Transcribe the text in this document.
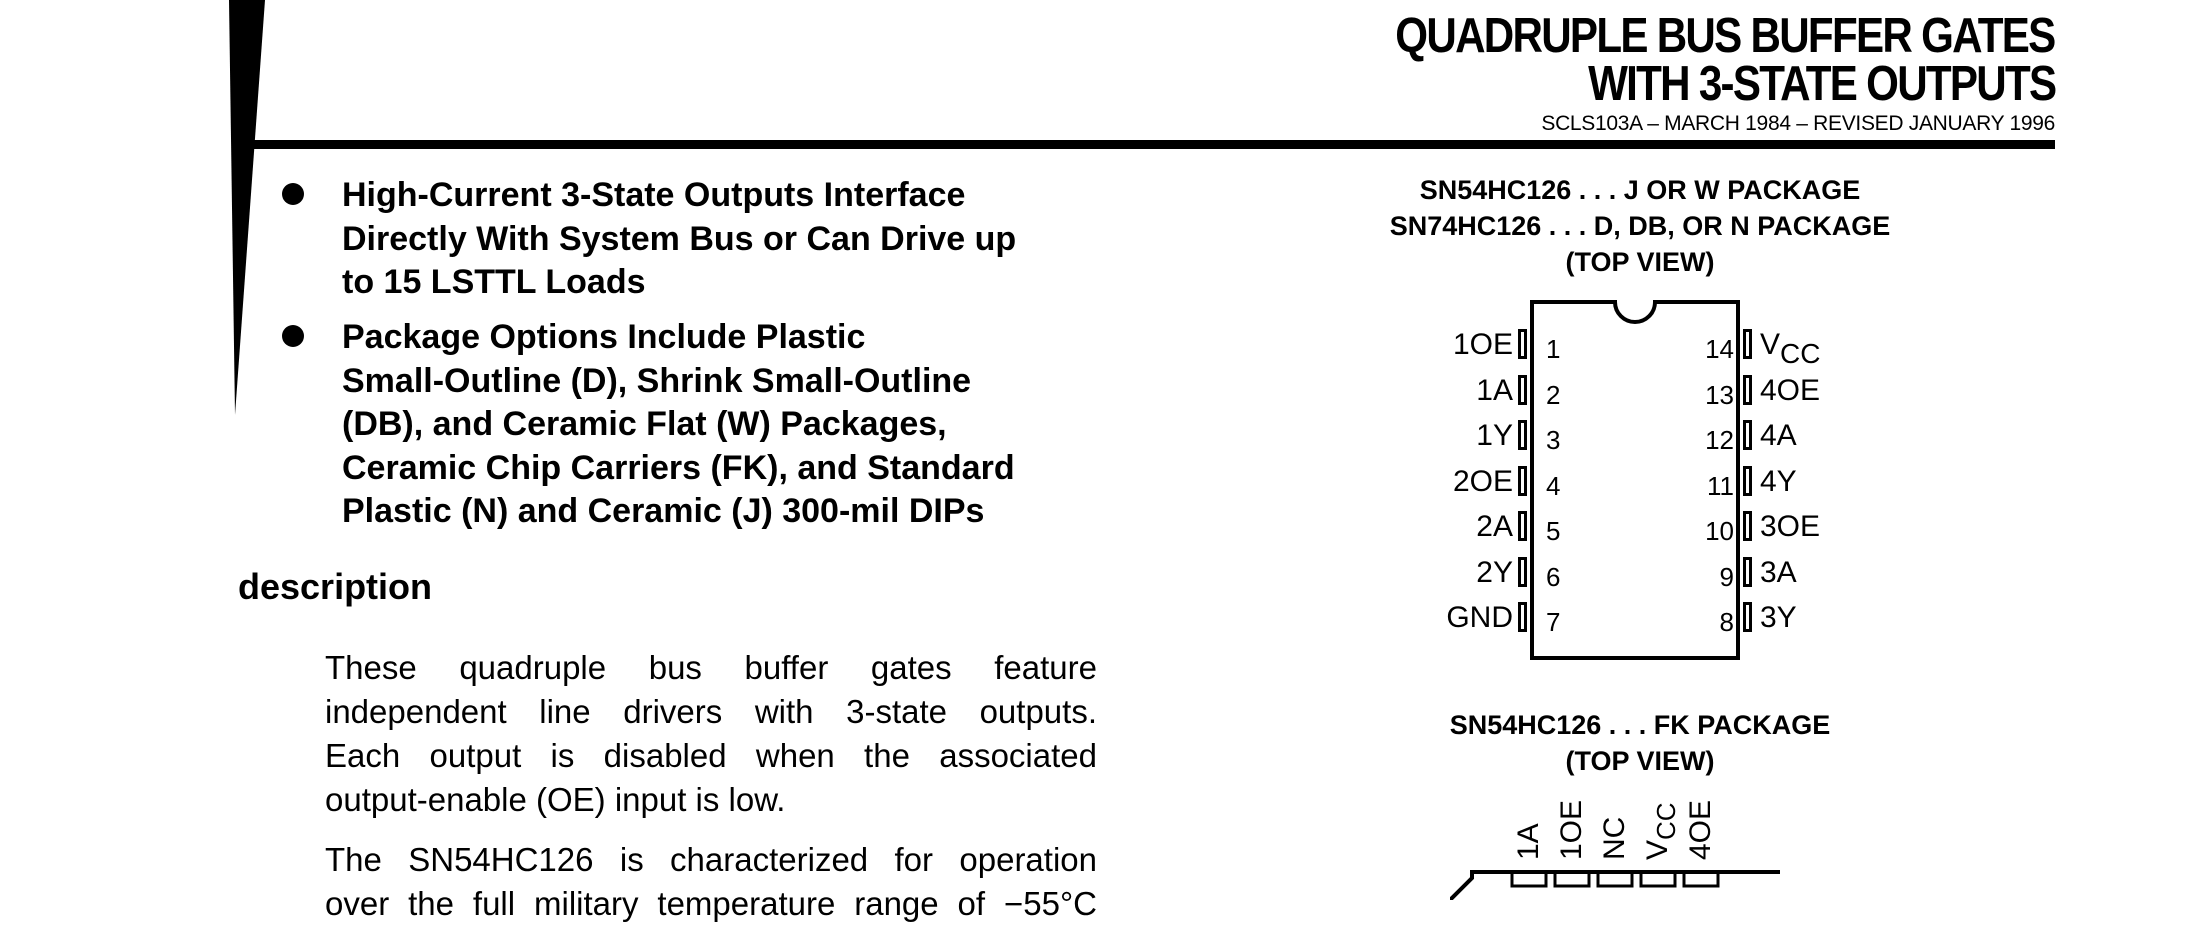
QUADRUPLE BUS BUFFER GATES
WITH 3-STATE OUTPUTS
SCLS103A – MARCH 1984 – REVISED JANUARY 1996
High-Current 3-State Outputs Interface
Directly With System Bus or Can Drive up
to 15 LSTTL Loads
Package Options Include Plastic
Small-Outline (D), Shrink Small-Outline
(DB), and Ceramic Flat (W) Packages,
Ceramic Chip Carriers (FK), and Standard
Plastic (N) and Ceramic (J) 300-mil DIPs
description
These quadruple bus buffer gates feature
independent line drivers with 3-state outputs.
Each output is disabled when the associated
output-enable (OE) input is low.
The SN54HC126 is characterized for operation
over the full military temperature range of −55°C
SN54HC126 . . . J OR W PACKAGE
SN74HC126 . . . D, DB, OR N PACKAGE
(TOP VIEW)
1OE 1
1A 2
1Y 3
2OE 4
2A 5
2Y 6
GND 7
14 VCC
13 4OE
12 4A
11 4Y
10 3OE
9 3A
8 3Y
SN54HC126 . . . FK PACKAGE
(TOP VIEW)
1A 1OE NC VCC 4OE
